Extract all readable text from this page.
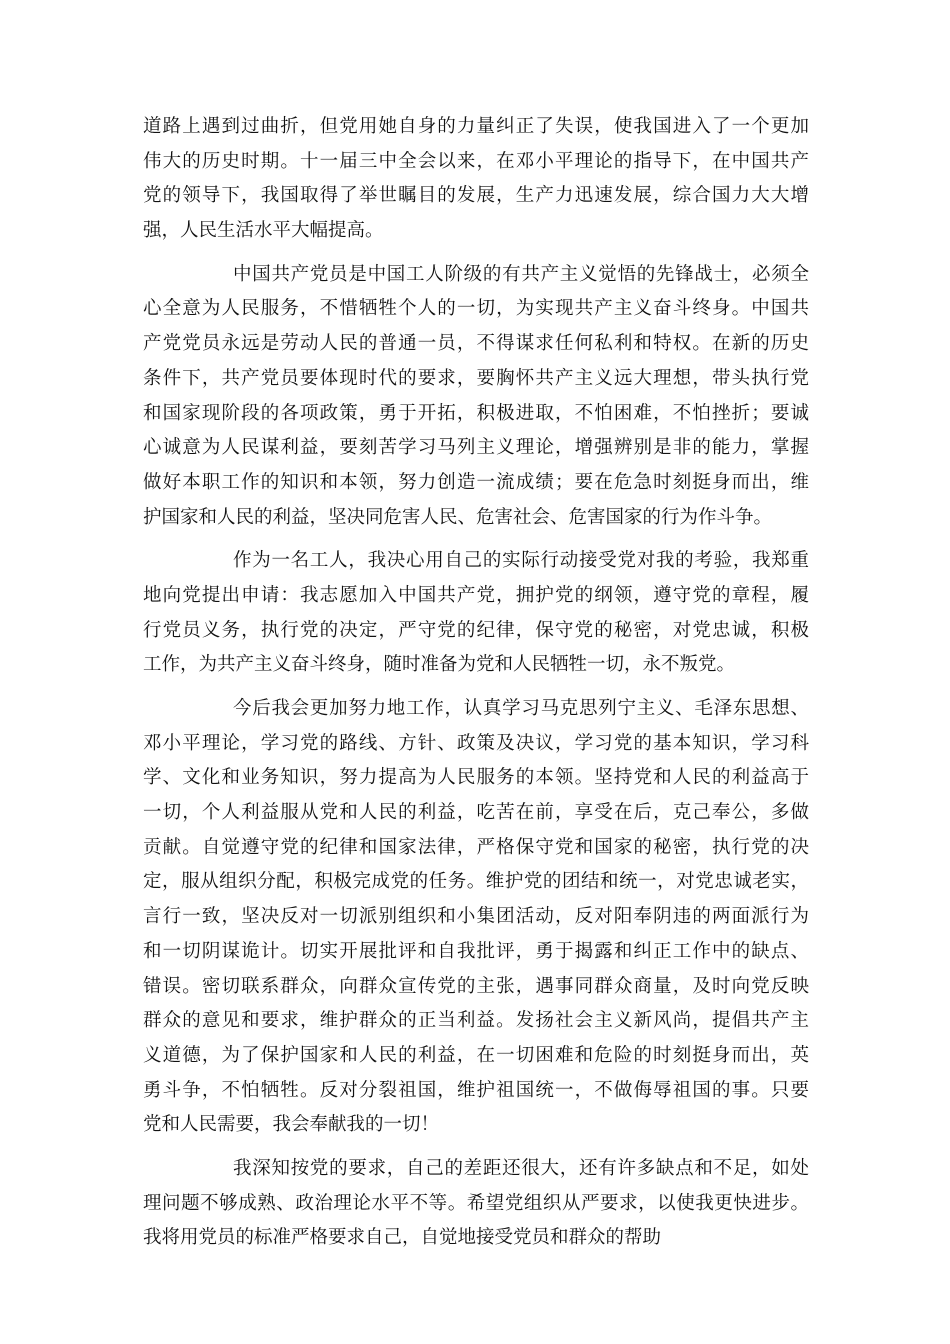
道路上遇到过曲折，但党用她自身的力量纠正了失误，使我国进入了一个更加
伟大的历史时期。十一届三中全会以来，在邓小平理论的指导下，在中国共产
党的领导下，我国取得了举世瞩目的发展，生产力迅速发展，综合国力大大增
强，人民生活水平大幅提高。
中国共产党员是中国工人阶级的有共产主义觉悟的先锋战士，必须全
心全意为人民服务，不惜牺牲个人的一切，为实现共产主义奋斗终身。中国共
产党党员永远是劳动人民的普通一员，不得谋求任何私利和特权。在新的历史
条件下，共产党员要体现时代的要求，要胸怀共产主义远大理想，带头执行党
和国家现阶段的各项政策，勇于开拓，积极进取，不怕困难，不怕挫折；要诚
心诚意为人民谋利益，要刻苦学习马列主义理论，增强辨别是非的能力，掌握
做好本职工作的知识和本领，努力创造一流成绩；要在危急时刻挺身而出，维
护国家和人民的利益，坚决同危害人民、危害社会、危害国家的行为作斗争。
作为一名工人，我决心用自己的实际行动接受党对我的考验，我郑重
地向党提出申请：我志愿加入中国共产党，拥护党的纲领，遵守党的章程，履
行党员义务，执行党的决定，严守党的纪律，保守党的秘密，对党忠诚，积极
工作，为共产主义奋斗终身，随时准备为党和人民牺牲一切，永不叛党。
今后我会更加努力地工作，认真学习马克思列宁主义、毛泽东思想、
邓小平理论，学习党的路线、方针、政策及决议，学习党的基本知识，学习科
学、文化和业务知识，努力提高为人民服务的本领。坚持党和人民的利益高于
一切，个人利益服从党和人民的利益，吃苦在前，享受在后，克己奉公，多做
贡献。自觉遵守党的纪律和国家法律，严格保守党和国家的秘密，执行党的决
定，服从组织分配，积极完成党的任务。维护党的团结和统一，对党忠诚老实，
言行一致，坚决反对一切派别组织和小集团活动，反对阳奉阴违的两面派行为
和一切阴谋诡计。切实开展批评和自我批评，勇于揭露和纠正工作中的缺点、
错误。密切联系群众，向群众宣传党的主张，遇事同群众商量，及时向党反映
群众的意见和要求，维护群众的正当利益。发扬社会主义新风尚，提倡共产主
义道德，为了保护国家和人民的利益，在一切困难和危险的时刻挺身而出，英
勇斗争，不怕牺牲。反对分裂祖国，维护祖国统一，不做侮辱祖国的事。只要
党和人民需要，我会奉献我的一切！
我深知按党的要求，自己的差距还很大，还有许多缺点和不足，如处
理问题不够成熟、政治理论水平不等。希望党组织从严要求，以使我更快进步。
我将用党员的标准严格要求自己，自觉地接受党员和群众的帮助
